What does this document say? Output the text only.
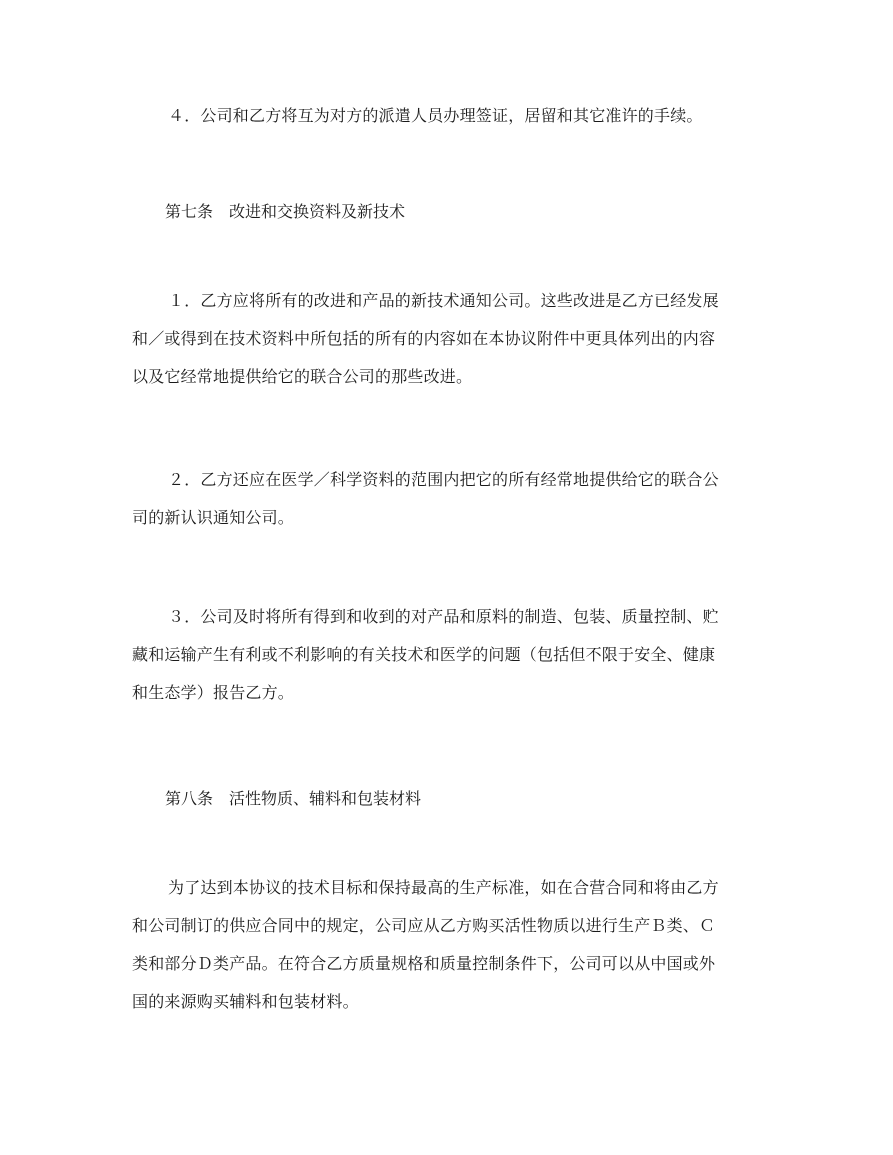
４．公司和乙方将互为对方的派遣人员办理签证，居留和其它准许的手续。
第七条　改进和交换资料及新技术
１．乙方应将所有的改进和产品的新技术通知公司。这些改进是乙方已经发展
和／或得到在技术资料中所包括的所有的内容如在本协议附件中更具体列出的内容
以及它经常地提供给它的联合公司的那些改进。
２．乙方还应在医学／科学资料的范围内把它的所有经常地提供给它的联合公
司的新认识通知公司。
３．公司及时将所有得到和收到的对产品和原料的制造、包装、质量控制、贮
藏和运输产生有利或不利影响的有关技术和医学的问题（包括但不限于安全、健康
和生态学）报告乙方。
第八条　活性物质、辅料和包装材料
为了达到本协议的技术目标和保持最高的生产标准，如在合营合同和将由乙方
和公司制订的供应合同中的规定，公司应从乙方购买活性物质以进行生产Ｂ类、Ｃ
类和部分Ｄ类产品。在符合乙方质量规格和质量控制条件下，公司可以从中国或外
国的来源购买辅料和包装材料。
